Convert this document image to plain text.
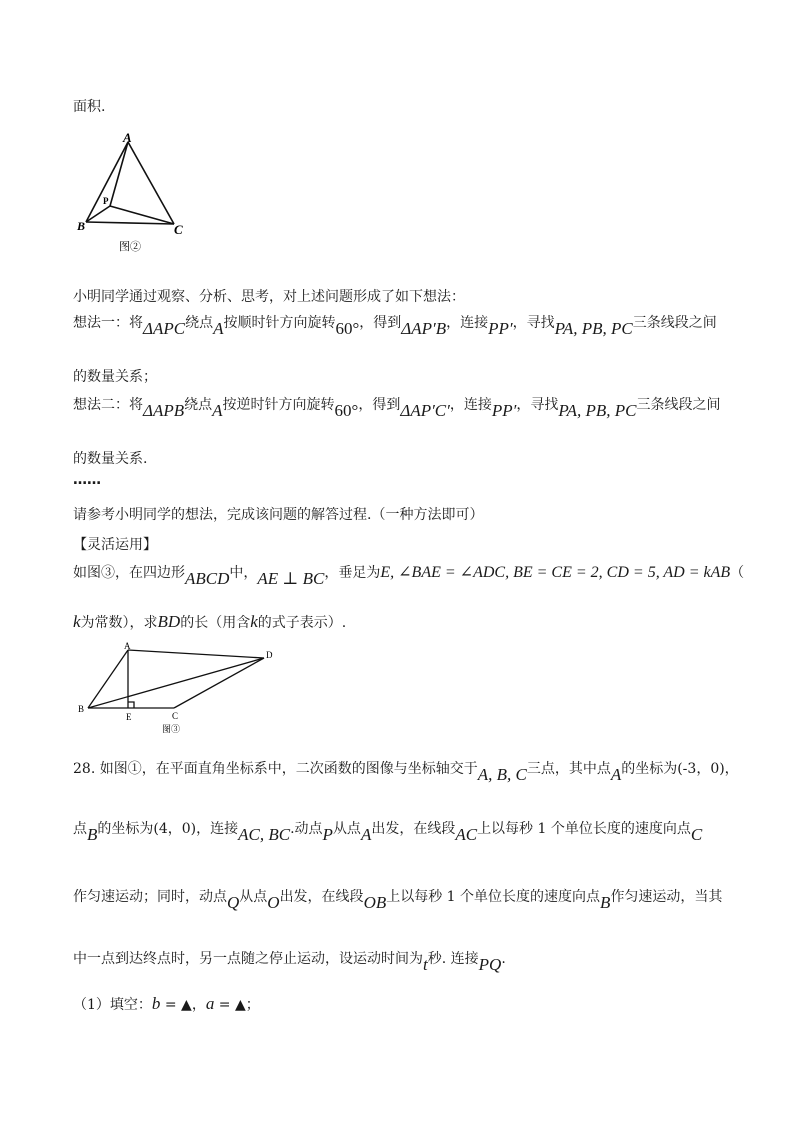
面积.
A
B	C
P
图②
小明同学通过观察、分析、思考，对上述问题形成了如下想法：
想法一：将ΔAPC绕点A按顺时针方向旋转60°，得到ΔAP′B，连接PP′，寻找PA, PB, PC三条线段之间
的数量关系；
想法二：将ΔAPB绕点A按逆时针方向旋转60°，得到ΔAP′C′，连接PP′，寻找PA, PB, PC三条线段之间
的数量关系.
……
请参考小明同学的想法，完成该问题的解答过程.（一种方法即可）
【灵活运用】
如图③，在四边形ABCD中，AE ⊥ BC，垂足为E, ∠BAE = ∠ADC, BE = CE = 2, CD = 5, AD = kAB（
k为常数），求BD的长（用含k的式子表示）.
A
B
E	C
D
图③
28. 如图①，在平面直角坐标系中，二次函数的图像与坐标轴交于A, B, C三点，其中点A的坐标为(-3，0)，
点B的坐标为(4，0)，连接AC, BC.动点P从点A出发，在线段AC上以每秒 1 个单位长度的速度向点C
作匀速运动；同时，动点Q从点O出发，在线段OB上以每秒 1 个单位长度的速度向点B作匀速运动，当其
中一点到达终点时，另一点随之停止运动，设运动时间为t秒. 连接PQ.
（1）填空：b = ▲，a = ▲；
